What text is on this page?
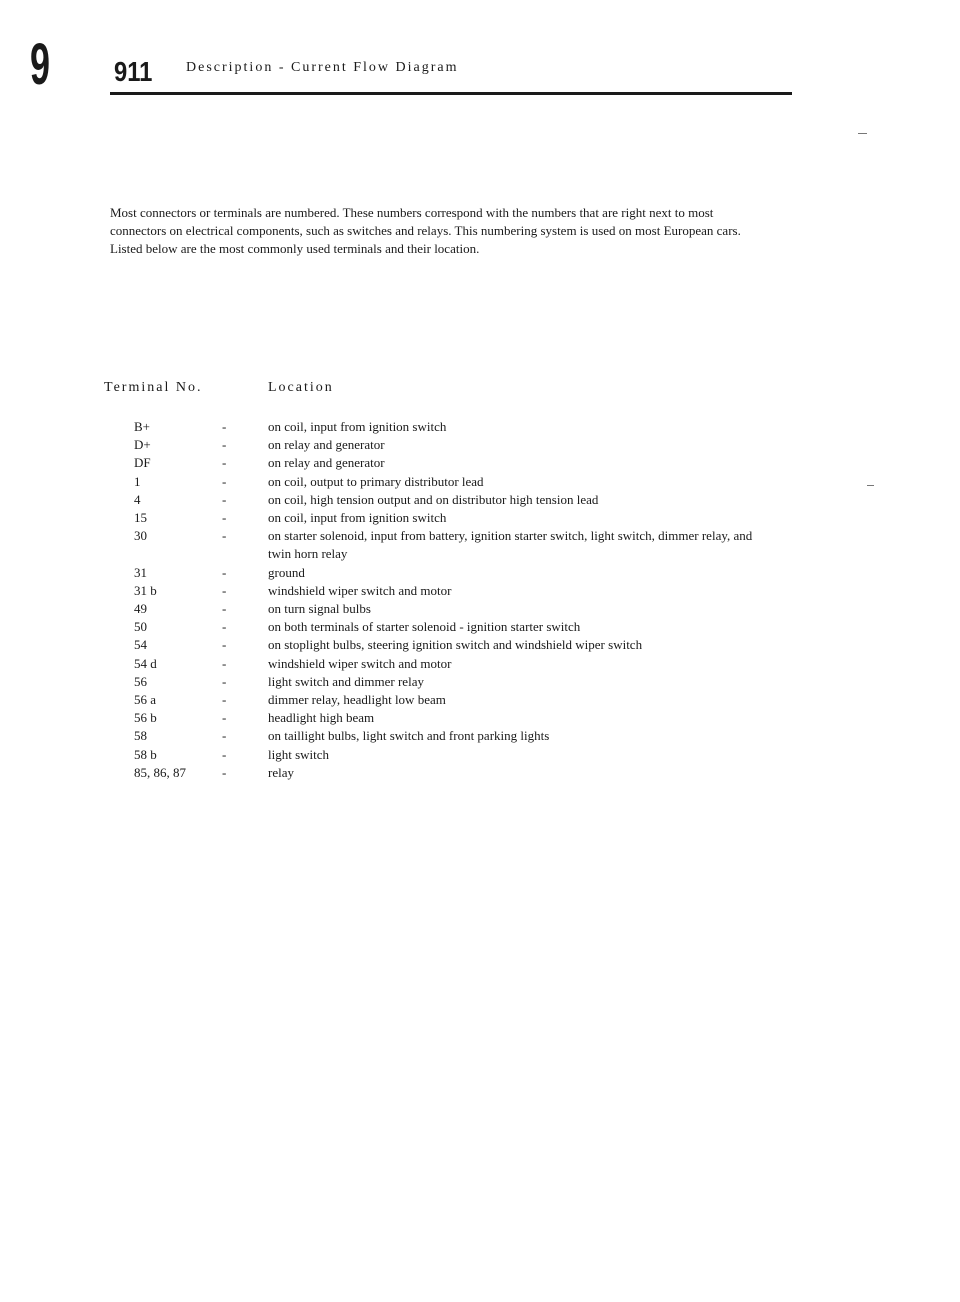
9 911 Description - Current Flow Diagram

Most connectors or terminals are numbered. These numbers correspond with the numbers that are right next to most connectors on electrical components, such as switches and relays. This numbering system is used on most European cars. Listed below are the most commonly used terminals and their location.

Terminal No.	Location
B+	-	on coil, input from ignition switch
D+	-	on relay and generator
DF	-	on relay and generator
1	-	on coil, output to primary distributor lead
4	-	on coil, high tension output and on distributor high tension lead
15	-	on coil, input from ignition switch
30	-	on starter solenoid, input from battery, ignition starter switch, light switch, dimmer relay, and twin horn relay
31	-	ground
31 b	-	windshield wiper switch and motor
49	-	on turn signal bulbs
50	-	on both terminals of starter solenoid - ignition starter switch
54	-	on stoplight bulbs, steering ignition switch and windshield wiper switch
54 d	-	windshield wiper switch and motor
56	-	light switch and dimmer relay
56 a	-	dimmer relay, headlight low beam
56 b	-	headlight high beam
58	-	on taillight bulbs, light switch and front parking lights
58 b	-	light switch
85, 86, 87	-	relay
